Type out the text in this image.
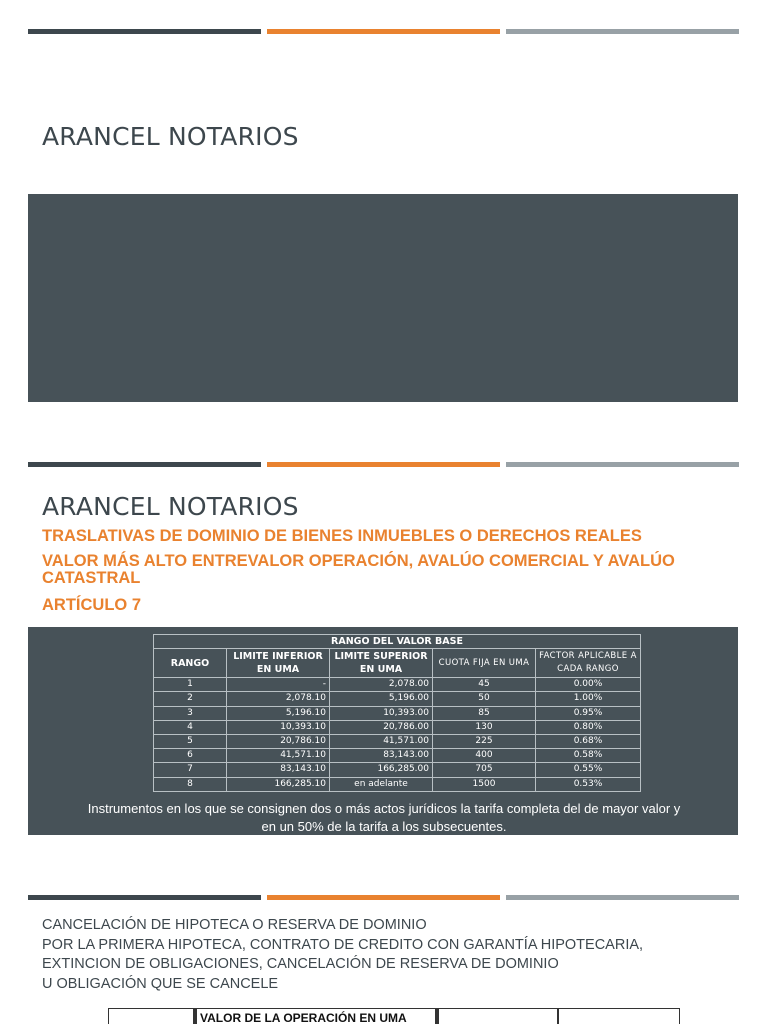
ARANCEL NOTARIOS
ARANCEL NOTARIOS
TRASLATIVAS DE DOMINIO DE BIENES INMUEBLES O DERECHOS REALES
VALOR MÁS ALTO ENTREVALOR OPERACIÓN, AVALÚO COMERCIAL Y AVALÚO CATASTRAL
ARTÍCULO 7
RANGO DEL VALOR BASE				
RANGO	LIMITE INFERIOR EN UMA	LIMITE SUPERIOR EN UMA	CUOTA FIJA EN UMA	FACTOR APLICABLE A CADA RANGO
1	-	2,078.00	45	0.00%
2	2,078.10	5,196.00	50	1.00%
3	5,196.10	10,393.00	85	0.95%
4	10,393.10	20,786.00	130	0.80%
5	20,786.10	41,571.00	225	0.68%
6	41,571.10	83,143.00	400	0.58%
7	83,143.10	166,285.00	705	0.55%
8	166,285.10	en adelante	1500	0.53%
Instrumentos en los que se consignen dos o más actos jurídicos la tarifa completa del de mayor valor y
en un 50% de la tarifa a los subsecuentes.
CANCELACIÓN DE HIPOTECA O RESERVA DE DOMINIO
POR LA PRIMERA HIPOTECA, CONTRATO DE CREDITO CON GARANTÍA HIPOTECARIA,
EXTINCION DE OBLIGACIONES, CANCELACIÓN DE RESERVA DE DOMINIO
U OBLIGACIÓN QUE SE CANCELE
VALOR DE LA OPERACIÓN EN UMA
